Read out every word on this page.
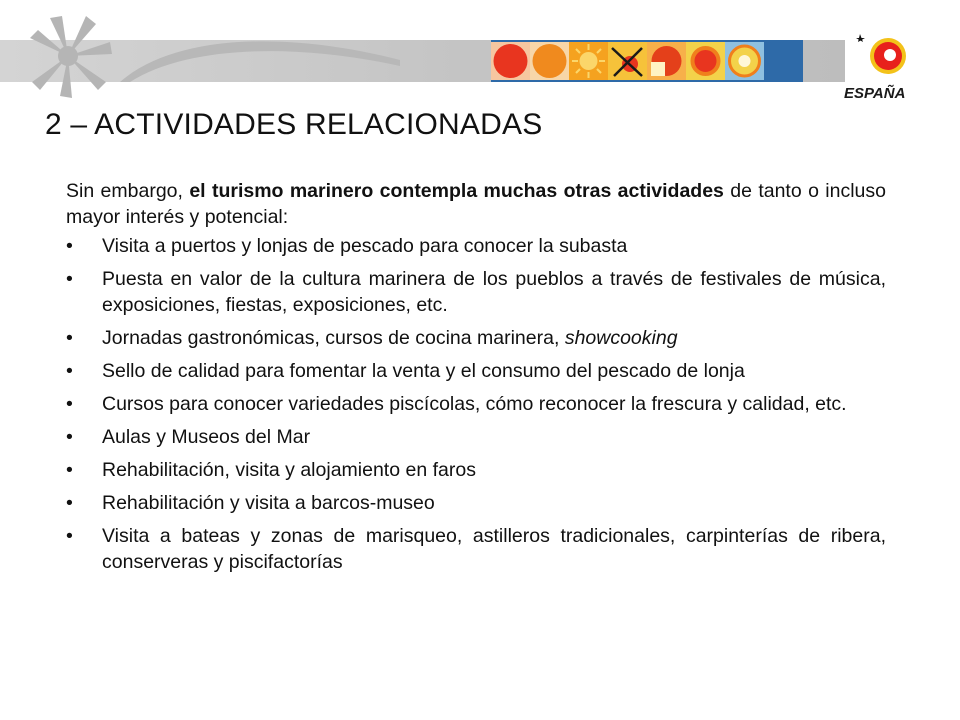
ESPAÑA
2 – ACTIVIDADES RELACIONADAS

Sin embargo, el turismo marinero contempla muchas otras actividades de tanto o incluso mayor interés y potencial:

•	Visita a puertos y lonjas de pescado para conocer la subasta
•	Puesta en valor de la cultura marinera de los pueblos a través de festivales de música, exposiciones, fiestas, exposiciones, etc.
•	Jornadas gastronómicas, cursos de cocina marinera, showcooking
•	Sello de calidad para fomentar la venta y el consumo del pescado de lonja
•	Cursos para conocer variedades piscícolas, cómo reconocer la frescura y calidad, etc.
•	Aulas y Museos del Mar
•	Rehabilitación, visita y alojamiento en faros
•	Rehabilitación y visita a barcos-museo
•	Visita a bateas y zonas de marisqueo, astilleros tradicionales, carpinterías de ribera, conserveras y piscifactorías
